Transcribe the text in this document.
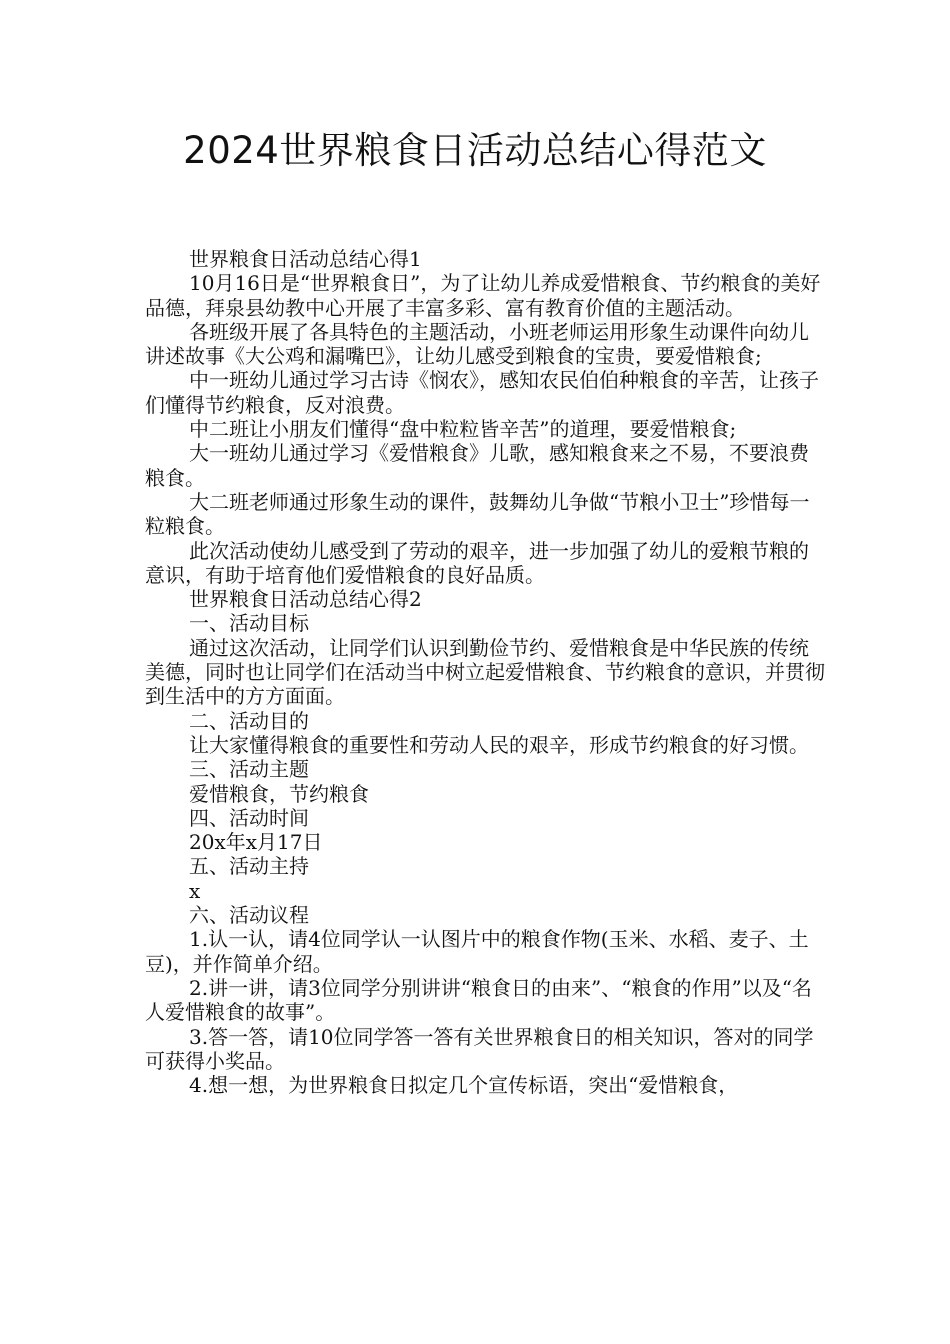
2024世界粮食日活动总结心得范文

世界粮食日活动总结心得1

10月16日是“世界粮食日”，为了让幼儿养成爱惜粮食、节约粮食的美好品德，拜泉县幼教中心开展了丰富多彩、富有教育价值的主题活动。

各班级开展了各具特色的主题活动，小班老师运用形象生动课件向幼儿讲述故事《大公鸡和漏嘴巴》，让幼儿感受到粮食的宝贵，要爱惜粮食;

中一班幼儿通过学习古诗《悯农》，感知农民伯伯种粮食的辛苦，让孩子们懂得节约粮食，反对浪费。

中二班让小朋友们懂得“盘中粒粒皆辛苦”的道理，要爱惜粮食;

大一班幼儿通过学习《爱惜粮食》儿歌，感知粮食来之不易，不要浪费粮食。

大二班老师通过形象生动的课件，鼓舞幼儿争做“节粮小卫士”珍惜每一粒粮食。

此次活动使幼儿感受到了劳动的艰辛，进一步加强了幼儿的爱粮节粮的意识，有助于培育他们爱惜粮食的良好品质。

世界粮食日活动总结心得2

一、活动目标

通过这次活动，让同学们认识到勤俭节约、爱惜粮食是中华民族的传统美德，同时也让同学们在活动当中树立起爱惜粮食、节约粮食的意识，并贯彻到生活中的方方面面。

二、活动目的

让大家懂得粮食的重要性和劳动人民的艰辛，形成节约粮食的好习惯。

三、活动主题

爱惜粮食，节约粮食

四、活动时间

20x年x月17日

五、活动主持

x

六、活动议程

1.认一认，请4位同学认一认图片中的粮食作物(玉米、水稻、麦子、土豆)，并作简单介绍。

2.讲一讲，请3位同学分别讲讲“粮食日的由来”、“粮食的作用”以及“名人爱惜粮食的故事”。

3.答一答，请10位同学答一答有关世界粮食日的相关知识，答对的同学可获得小奖品。

4.想一想，为世界粮食日拟定几个宣传标语，突出“爱惜粮食，
